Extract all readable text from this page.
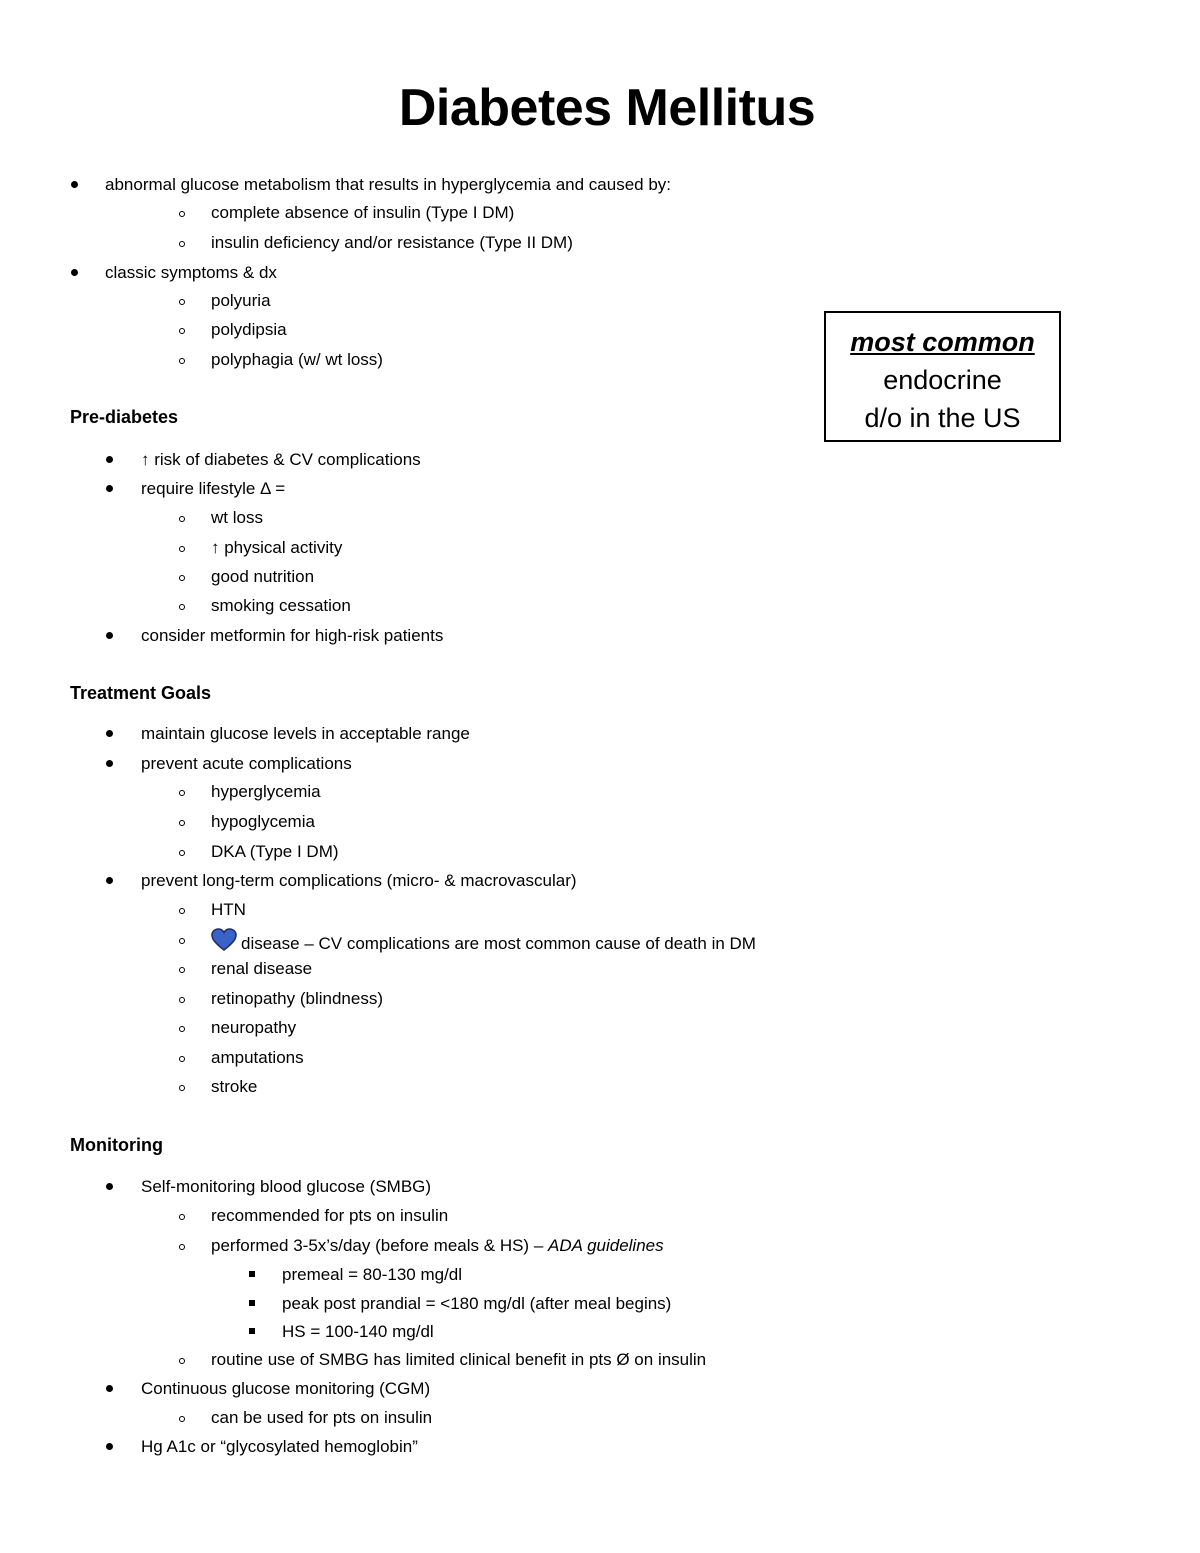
Diabetes Mellitus
abnormal glucose metabolism that results in hyperglycemia and caused by:
complete absence of insulin (Type I DM)
insulin deficiency and/or resistance (Type II DM)
classic symptoms & dx
polyuria
polydipsia
polyphagia (w/ wt loss)
most common
endocrine
d/o in the US
Pre-diabetes
↑ risk of diabetes & CV complications
require lifestyle Δ =
wt loss
↑ physical activity
good nutrition
smoking cessation
consider metformin for high-risk patients
Treatment Goals
maintain glucose levels in acceptable range
prevent acute complications
hyperglycemia
hypoglycemia
DKA (Type I DM)
prevent long-term complications (micro- & macrovascular)
HTN
disease – CV complications are most common cause of death in DM
renal disease
retinopathy (blindness)
neuropathy
amputations
stroke
Monitoring
Self-monitoring blood glucose (SMBG)
recommended for pts on insulin
performed 3-5x’s/day (before meals & HS) – ADA guidelines
premeal = 80-130 mg/dl
peak post prandial = <180 mg/dl (after meal begins)
HS = 100-140 mg/dl
routine use of SMBG has limited clinical benefit in pts Ø on insulin
Continuous glucose monitoring (CGM)
can be used for pts on insulin
Hg A1c or “glycosylated hemoglobin”
